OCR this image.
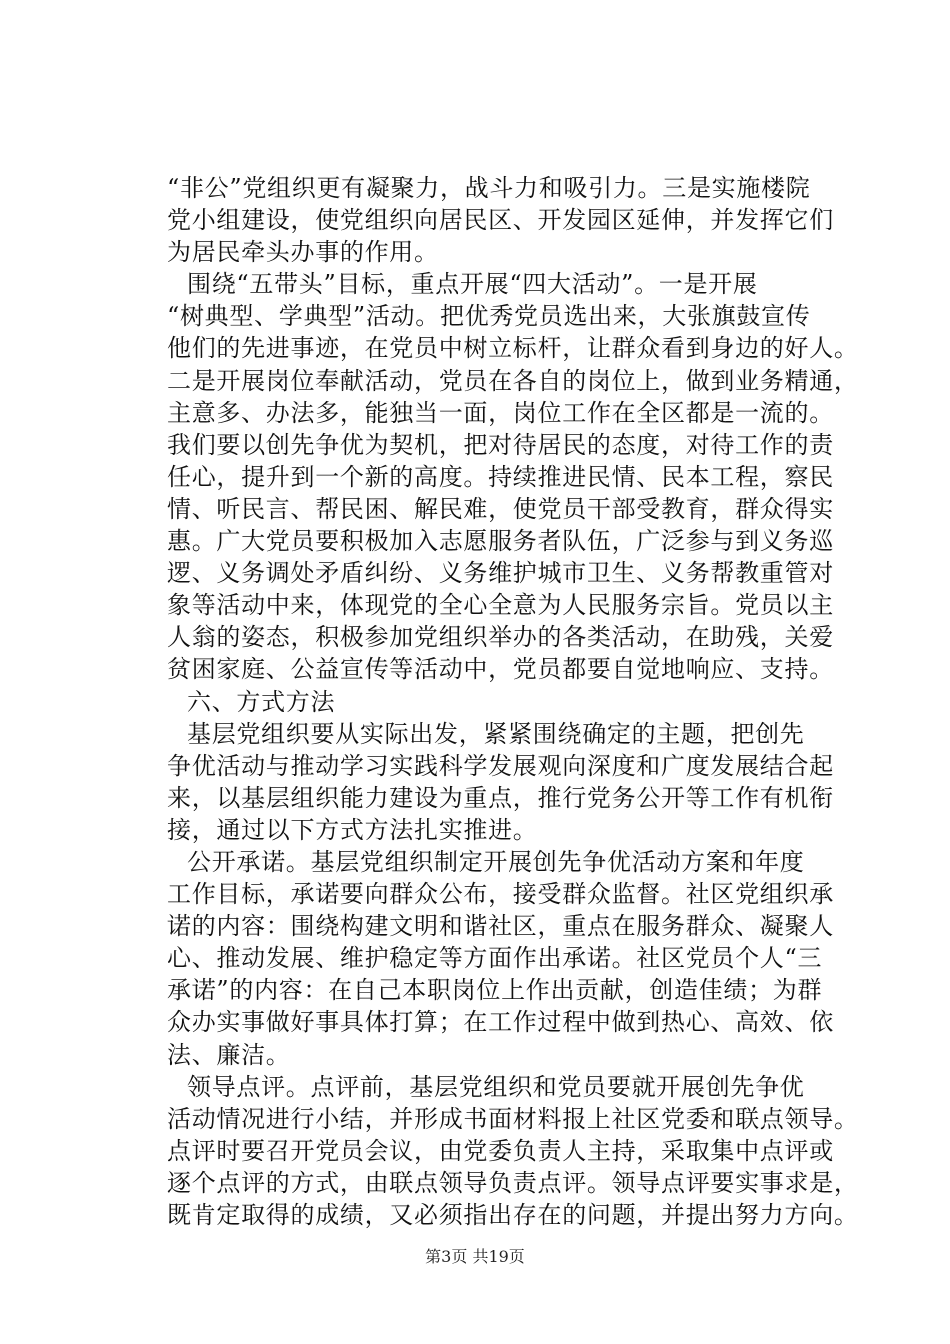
“非公”党组织更有凝聚力，战斗力和吸引力。三是实施楼院
党小组建设，使党组织向居民区、开发园区延伸，并发挥它们
为居民牵头办事的作用。
围绕“五带头”目标，重点开展“四大活动”。一是开展
“树典型、学典型”活动。把优秀党员选出来，大张旗鼓宣传
他们的先进事迹，在党员中树立标杆，让群众看到身边的好人。
二是开展岗位奉献活动，党员在各自的岗位上，做到业务精通，
主意多、办法多，能独当一面，岗位工作在全区都是一流的。
我们要以创先争优为契机，把对待居民的态度，对待工作的责
任心，提升到一个新的高度。持续推进民情、民本工程，察民
情、听民言、帮民困、解民难，使党员干部受教育，群众得实
惠。广大党员要积极加入志愿服务者队伍，广泛参与到义务巡
逻、义务调处矛盾纠纷、义务维护城市卫生、义务帮教重管对
象等活动中来，体现党的全心全意为人民服务宗旨。党员以主
人翁的姿态，积极参加党组织举办的各类活动，在助残，关爱
贫困家庭、公益宣传等活动中，党员都要自觉地响应、支持。
六、方式方法
基层党组织要从实际出发，紧紧围绕确定的主题，把创先
争优活动与推动学习实践科学发展观向深度和广度发展结合起
来，以基层组织能力建设为重点，推行党务公开等工作有机衔
接，通过以下方式方法扎实推进。
公开承诺。基层党组织制定开展创先争优活动方案和年度
工作目标，承诺要向群众公布，接受群众监督。社区党组织承
诺的内容：围绕构建文明和谐社区，重点在服务群众、凝聚人
心、推动发展、维护稳定等方面作出承诺。社区党员个人“三
承诺”的内容：在自己本职岗位上作出贡献，创造佳绩；为群
众办实事做好事具体打算；在工作过程中做到热心、高效、依
法、廉洁。
领导点评。点评前，基层党组织和党员要就开展创先争优
活动情况进行小结，并形成书面材料报上社区党委和联点领导。
点评时要召开党员会议，由党委负责人主持，采取集中点评或
逐个点评的方式，由联点领导负责点评。领导点评要实事求是，
既肯定取得的成绩，又必须指出存在的问题，并提出努力方向。
第3页 共19页
